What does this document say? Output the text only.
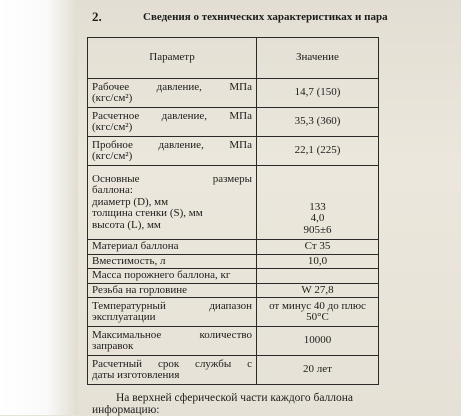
2.	Сведения о технических характеристиках и пара
Параметр	Значение

Рабочее давление, МПа
(кгс/см²)	14,7 (150)

Расчетное давление, МПа
(кгс/см²)	35,3 (360)

Пробное давление, МПа
(кгс/см²)	22,1 (225)

Основные размеры
баллона:
диаметр (D), мм
толщина стенки (S), мм
высота (L), мм	133
4,0
905±6

Материал баллона	Ст 35

Вместимость, л	10,0

Масса порожнего баллона, кг	

Резьба на горловине	W 27,8

Температурный диапазон
эксплуатации	от минус 40 до плюс
50°С

Максимальное количество
заправок	10000

Расчетный срок службы с
даты изготовления	20 лет
На верхней сферической части каждого баллона
информацию:
